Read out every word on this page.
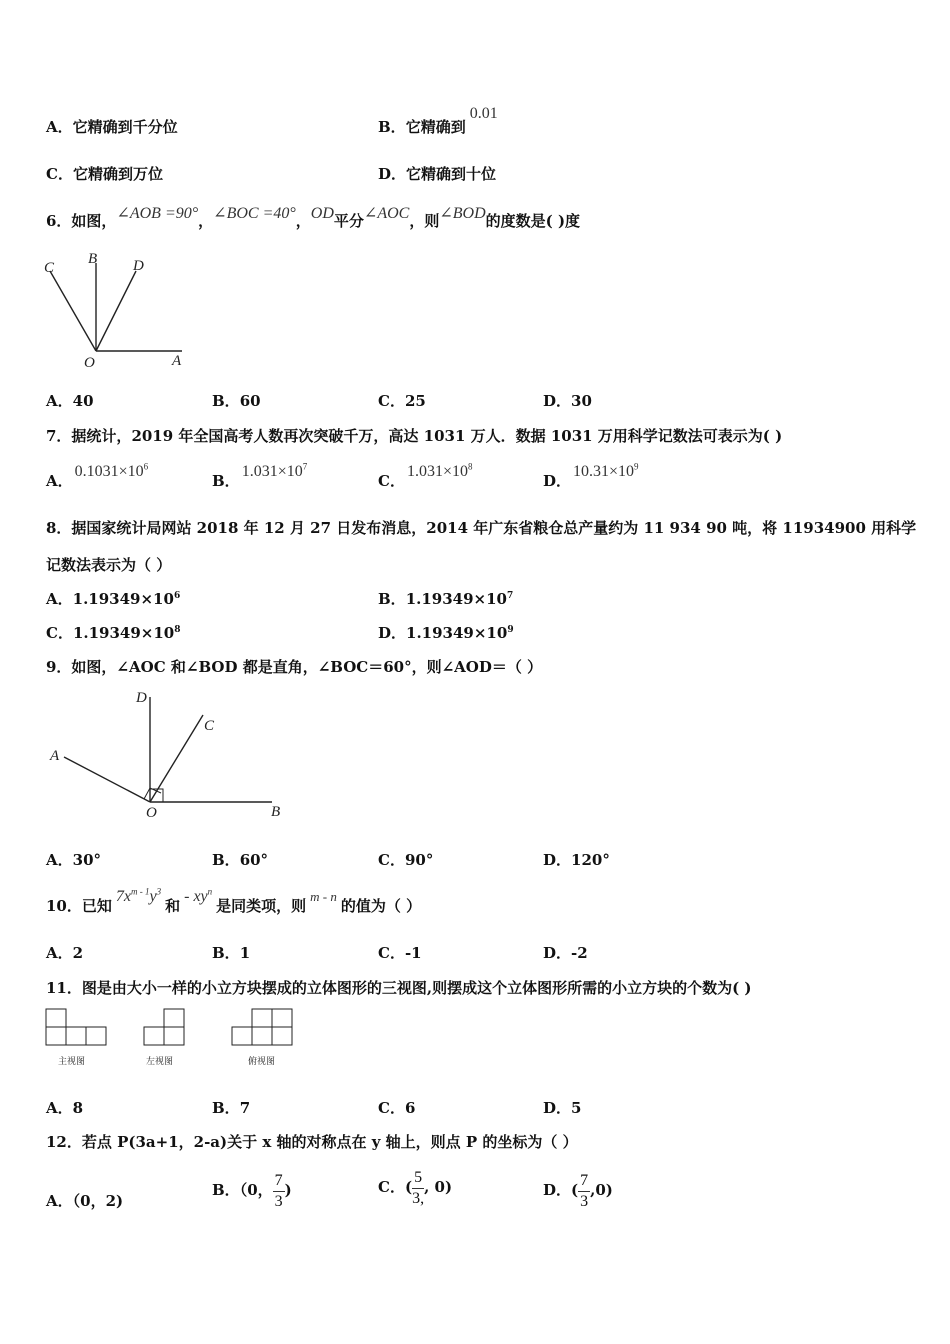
A．它精确到千分位	B．它精确到0.01
C．它精确到万位	D．它精确到十位
6．如图，∠AOB =90°，∠BOC =40°，OD平分∠AOC，则∠BOD的度数是( )度
C
B D
O	A
A．40	B．60	C．25	D．30
7．据统计，2019 年全国高考人数再次突破千万，高达 1031 万人．数据 1031 万用科学记数法可表示为( )
A．$0.1031\times 10^6$
B．$1.031\times 10^7$
C．$1.031\times 10^8$
D．$10.31\times 10^9$
8．据国家统计局网站 2018 年 12 月 27 日发布消息，2014 年广东省粮仓总产量约为 11 934 90 吨，将 11934900 用科学
记数法表示为（ ）
A．$1.19349\times 10^6$	B．$1.19349\times 10^7$
C．$1.19349\times 10^8$	D．$1.19349\times 10^9$
9．如图，∠AOC 和∠BOD 都是直角，∠BOC＝60°，则∠AOD＝（ ）
D
C
A
O	B
A．30°	B．60°	C．90°	D．120°
10．已知$7x^{m - 1}y^3$和- $xy^n$是同类项，则m - n的值为（ ）
A．2	B．1	C．-1	D．-2
11．图是由大小一样的小立方块摆成的立体图形的三视图,则摆成这个立体图形所需的小立方块的个数为( )
主视图	左视图	俯视图
A．8	B．7	C．6	D．5
12．若点 P(3a+1，2-a)关于 x 轴的对称点在 y 轴上，则点 P 的坐标为（ ）
A．（0，2)
B．（0， $\frac{7}{3}$ )	C．( $\frac{5}{3,}$ , 0)	D．( $\frac{7}{3} ,0$)
